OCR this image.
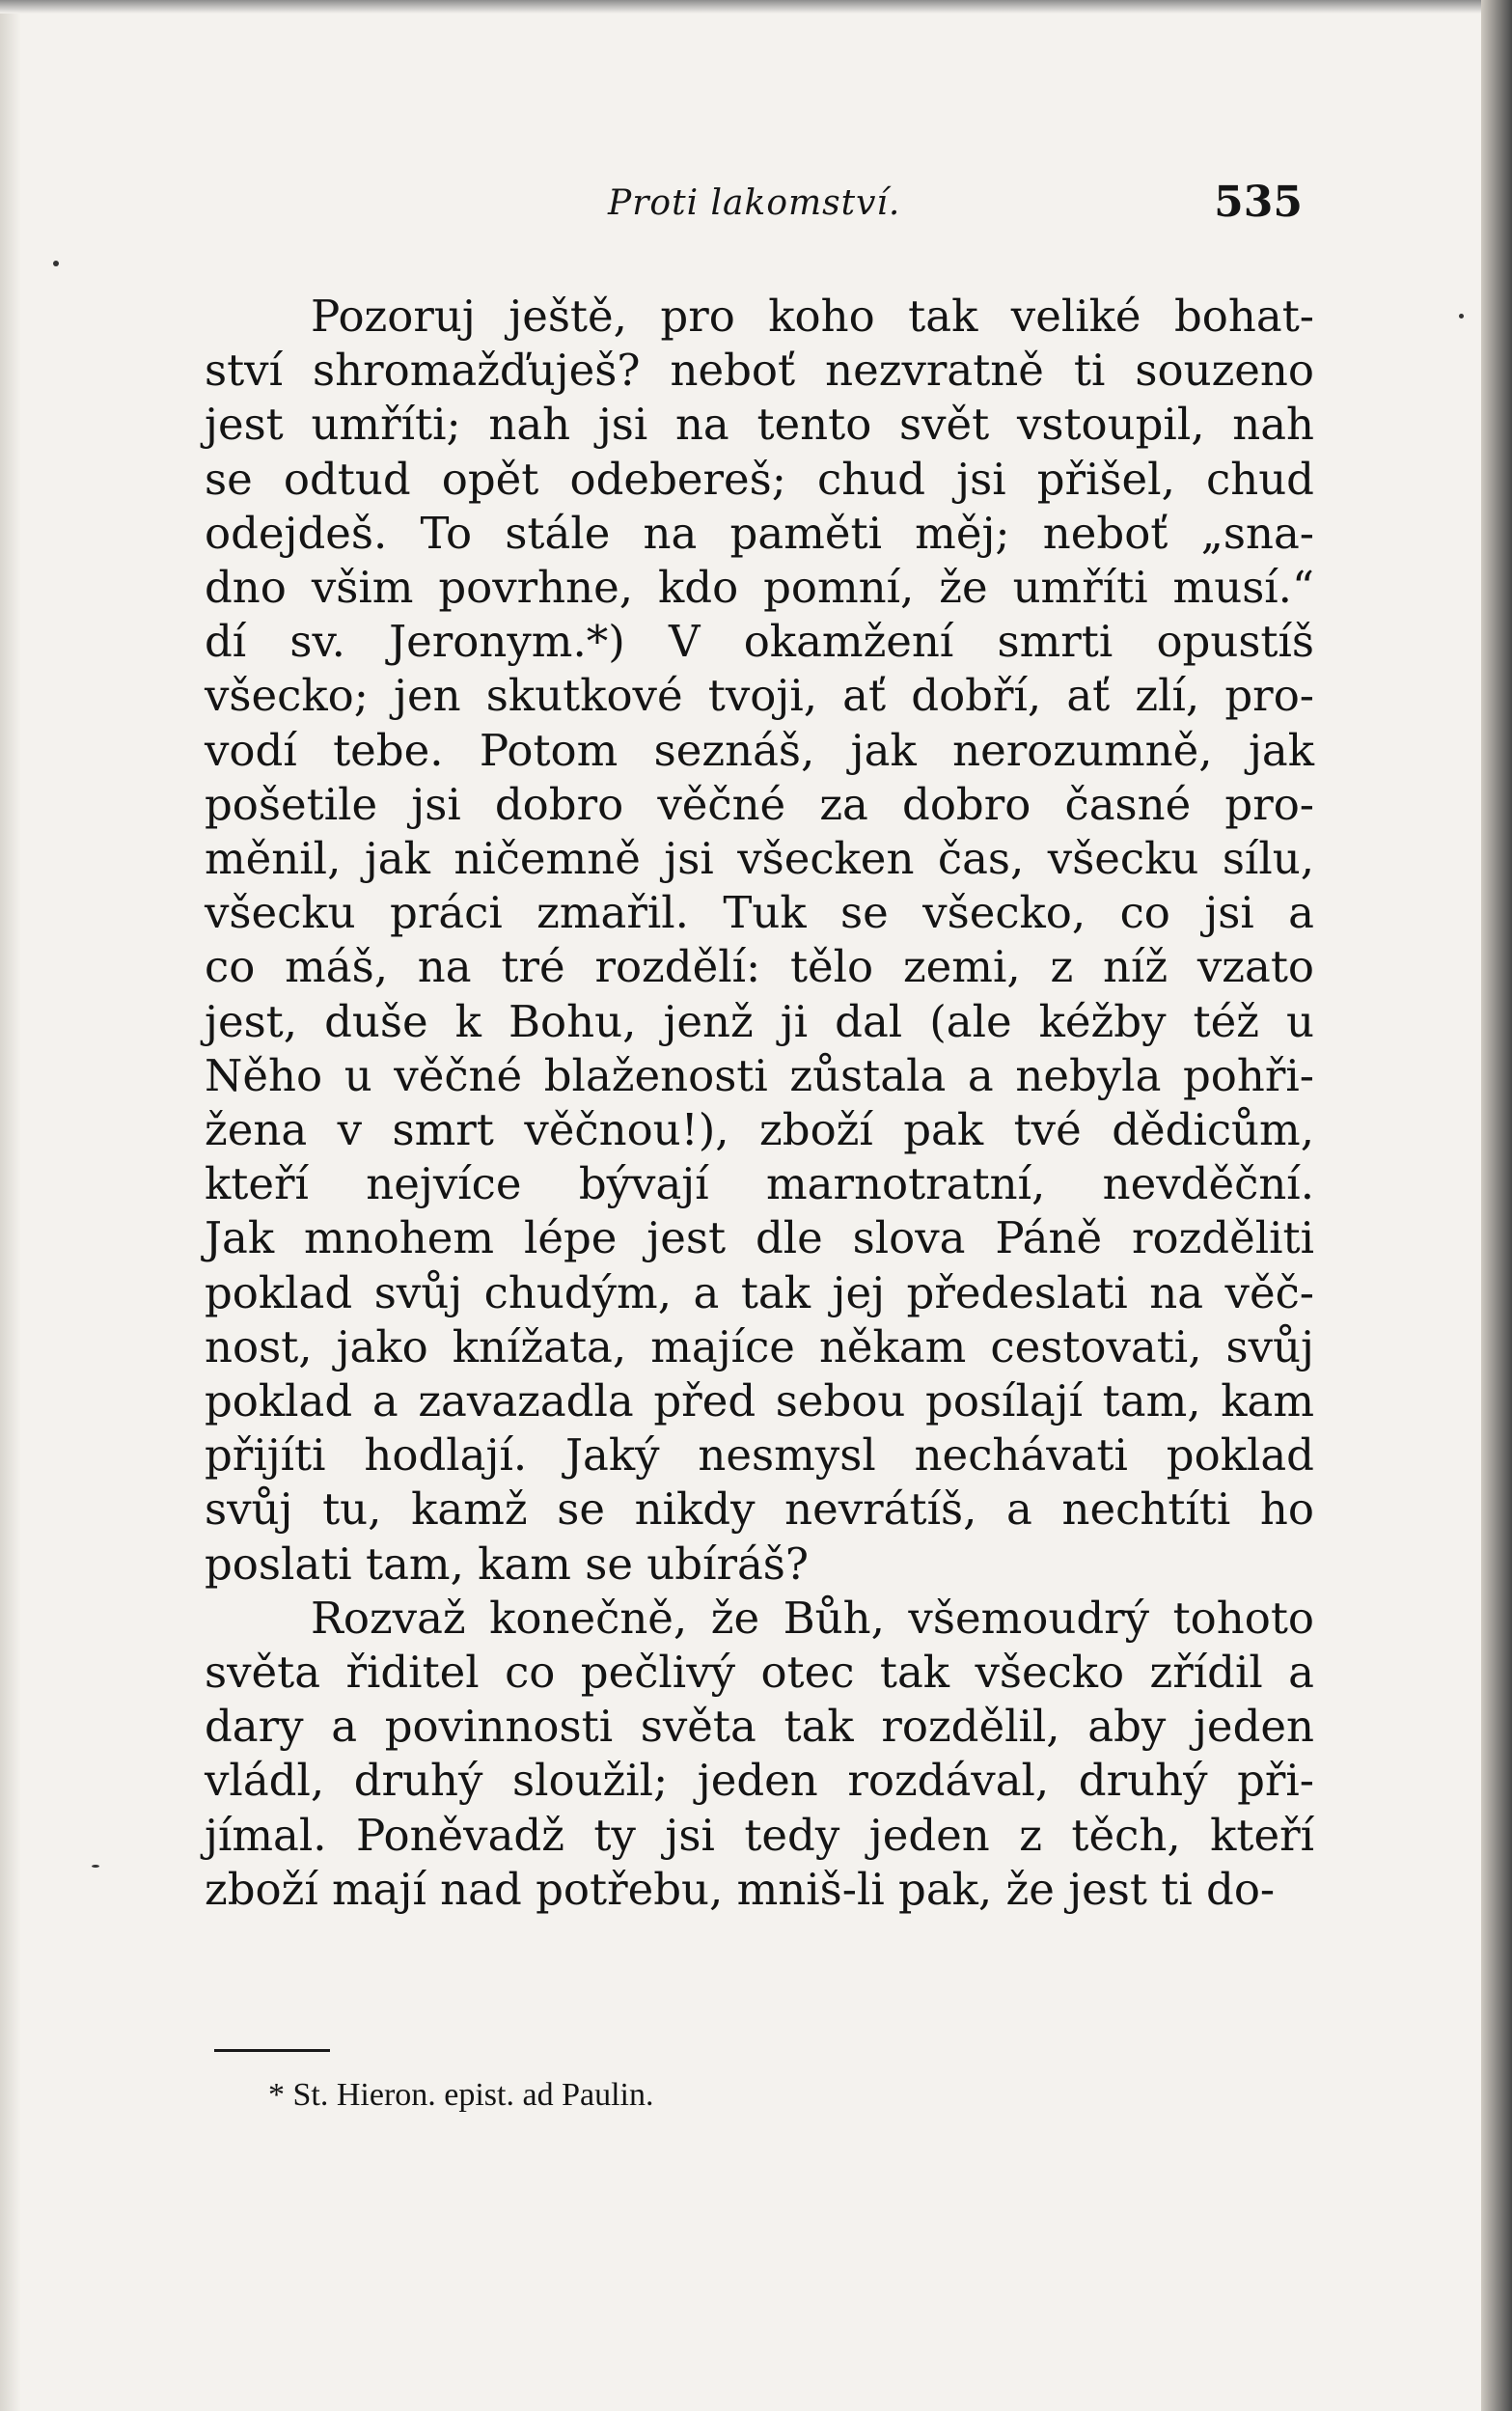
Proti lakomství.	535
Pozoruj ještě, pro koho tak veliké bohat-
ství shromažďuješ? neboť nezvratně ti souzeno
jest umříti; nah jsi na tento svět vstoupil, nah
se odtud opět odebereš; chud jsi přišel, chud
odejdeš. To stále na paměti měj; neboť „sna-
dno všim povrhne, kdo pomní, že umříti musí.“
dí sv. Jeronym.*) V okamžení smrti opustíš
všecko; jen skutkové tvoji, ať dobří, ať zlí, pro-
vodí tebe. Potom seznáš, jak nerozumně, jak
pošetile jsi dobro věčné za dobro časné pro-
měnil, jak ničemně jsi všecken čas, všecku sílu,
všecku práci zmařil. Tuk se všecko, co jsi a
co máš, na tré rozdělí: tělo zemi, z níž vzato
jest, duše k Bohu, jenž ji dal (ale kéžby též u
Něho u věčné blaženosti zůstala a nebyla pohři-
žena v smrt věčnou!), zboží pak tvé dědicům,
kteří nejvíce bývají marnotratní, nevděční.
Jak mnohem lépe jest dle slova Páně rozděliti
poklad svůj chudým, a tak jej předeslati na věč-
nost, jako knížata, majíce někam cestovati, svůj
poklad a zavazadla před sebou posílají tam, kam
přijíti hodlají. Jaký nesmysl nechávati poklad
svůj tu, kamž se nikdy nevrátíš, a nechtíti ho
poslati tam, kam se ubíráš?
Rozvaž konečně, že Bůh, všemoudrý tohoto
světa řiditel co pečlivý otec tak všecko zřídil a
dary a povinnosti světa tak rozdělil, aby jeden
vládl, druhý sloužil; jeden rozdával, druhý při-
jímal. Poněvadž ty jsi tedy jeden z těch, kteří
zboží mají nad potřebu, mniš-li pak, že jest ti do-
* St. Hieron. epist. ad Paulin.
